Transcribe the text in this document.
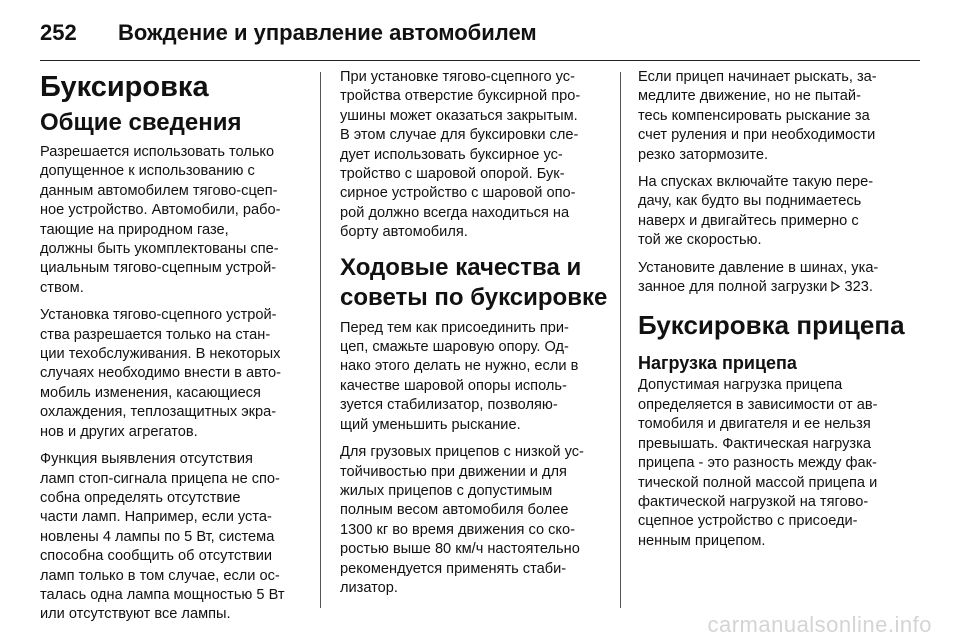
252	Вождение и управление автомобилем
Буксировка
Общие сведения

Разрешается использовать только
допущенное к использованию с
данным автомобилем тягово-сцеп-
ное устройство. Автомобили, рабо-
тающие на природном газе,
должны быть укомплектованы спе-
циальным тягово-сцепным устрой-
ством.

Установка тягово-сцепного устрой-
ства разрешается только на стан-
ции техобслуживания. В некоторых
случаях необходимо внести в авто-
мобиль изменения, касающиеся
охлаждения, теплозащитных экра-
нов и других агрегатов.

Функция выявления отсутствия
ламп стоп-сигнала прицепа не спо-
собна определять отсутствие
части ламп. Например, если уста-
новлены 4 лампы по 5 Вт, система
способна сообщить об отсутствии
ламп только в том случае, если ос-
талась одна лампа мощностью 5 Вт
или отсутствуют все лампы.

При установке тягово-сцепного ус-
тройства отверстие буксирной про-
ушины может оказаться закрытым.
В этом случае для буксировки сле-
дует использовать буксирное ус-
тройство с шаровой опорой. Бук-
сирное устройство с шаровой опо-
рой должно всегда находиться на
борту автомобиля.

Ходовые качества и
советы по буксировке

Перед тем как присоединить при-
цеп, смажьте шаровую опору. Од-
нако этого делать не нужно, если в
качестве шаровой опоры исполь-
зуется стабилизатор, позволяю-
щий уменьшить рыскание.

Для грузовых прицепов с низкой ус-
тойчивостью при движении и для
жилых прицепов с допустимым
полным весом автомобиля более
1300 кг во время движения со ско-
ростью выше 80 км/ч настоятельно
рекомендуется применять стаби-
лизатор.

Если прицеп начинает рыскать, за-
медлите движение, но не пытай-
тесь компенсировать рыскание за
счет руления и при необходимости
резко затормозите.

На спусках включайте такую пере-
дачу, как будто вы поднимаетесь
наверх и двигайтесь примерно с
той же скоростью.

Установите давление в шинах, ука-
занное для полной загрузки 323.

Буксировка прицепа
Нагрузка прицепа

Допустимая нагрузка прицепа
определяется в зависимости от ав-
томобиля и двигателя и ее нельзя
превышать. Фактическая нагрузка
прицепа - это разность между фак-
тической полной массой прицепа и
фактической нагрузкой на тягово-
сцепное устройство с присоеди-
ненным прицепом.

carmanualsonline.info
